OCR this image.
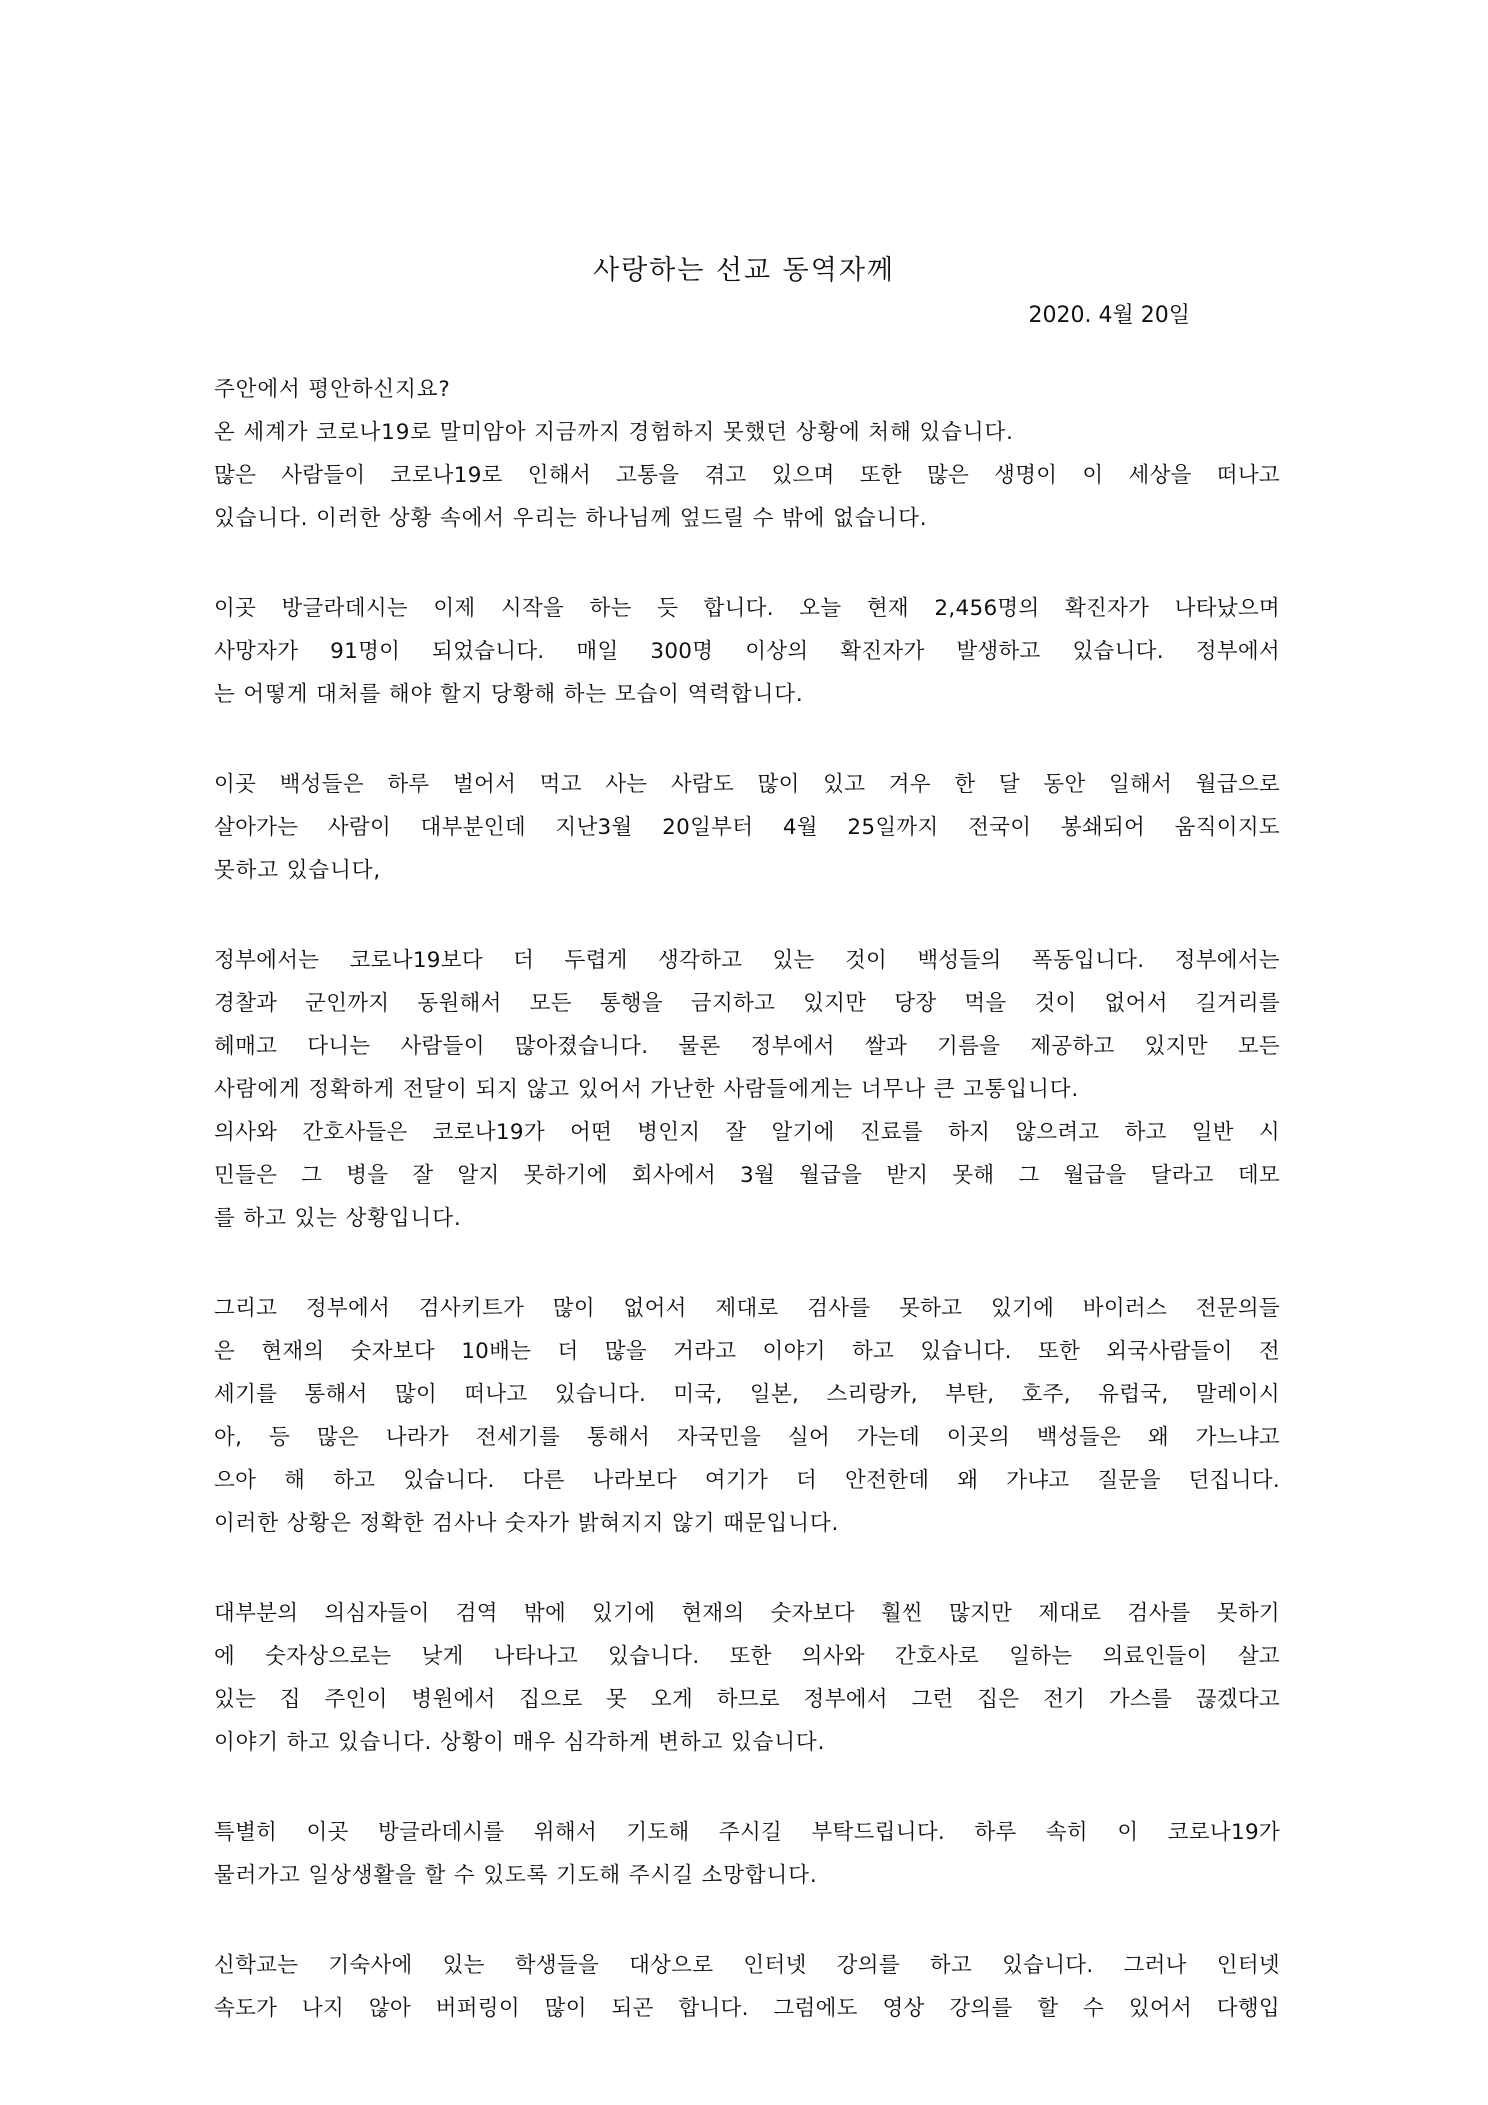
사랑하는 선교 동역자께
2020. 4월 20일
주안에서 평안하신지요?
온 세계가 코로나19로 말미암아 지금까지 경험하지 못했던 상황에 처해 있습니다.
많은 사람들이 코로나19로 인해서 고통을 겪고 있으며 또한 많은 생명이 이 세상을 떠나고
있습니다. 이러한 상황 속에서 우리는 하나님께 엎드릴 수 밖에 없습니다.
이곳 방글라데시는 이제 시작을 하는 듯 합니다. 오늘 현재 2,456명의 확진자가 나타났으며
사망자가 91명이 되었습니다. 매일 300명 이상의 확진자가 발생하고 있습니다. 정부에서
는 어떻게 대처를 해야 할지 당황해 하는 모습이 역력합니다.
이곳 백성들은 하루 벌어서 먹고 사는 사람도 많이 있고 겨우 한 달 동안 일해서 월급으로
살아가는 사람이 대부분인데 지난3월 20일부터 4월 25일까지 전국이 봉쇄되어 움직이지도
못하고 있습니다,
정부에서는 코로나19보다 더 두렵게 생각하고 있는 것이 백성들의 폭동입니다. 정부에서는
경찰과 군인까지 동원해서 모든 통행을 금지하고 있지만 당장 먹을 것이 없어서 길거리를
헤매고 다니는 사람들이 많아졌습니다. 물론 정부에서 쌀과 기름을 제공하고 있지만 모든
사람에게 정확하게 전달이 되지 않고 있어서 가난한 사람들에게는 너무나 큰 고통입니다.
의사와 간호사들은 코로나19가 어떤 병인지 잘 알기에 진료를 하지 않으려고 하고 일반 시
민들은 그 병을 잘 알지 못하기에 회사에서 3월 월급을 받지 못해 그 월급을 달라고 데모
를 하고 있는 상황입니다.
그리고 정부에서 검사키트가 많이 없어서 제대로 검사를 못하고 있기에 바이러스 전문의들
은 현재의 숫자보다 10배는 더 많을 거라고 이야기 하고 있습니다. 또한 외국사람들이 전
세기를 통해서 많이 떠나고 있습니다. 미국, 일본, 스리랑카, 부탄, 호주, 유럽국, 말레이시
아, 등 많은 나라가 전세기를 통해서 자국민을 실어 가는데 이곳의 백성들은 왜 가느냐고
으아 해 하고 있습니다. 다른 나라보다 여기가 더 안전한데 왜 가냐고 질문을 던집니다.
이러한 상황은 정확한 검사나 숫자가 밝혀지지 않기 때문입니다.
대부분의 의심자들이 검역 밖에 있기에 현재의 숫자보다 훨씬 많지만 제대로 검사를 못하기
에 숫자상으로는 낮게 나타나고 있습니다. 또한 의사와 간호사로 일하는 의료인들이 살고
있는 집 주인이 병원에서 집으로 못 오게 하므로 정부에서 그런 집은 전기 가스를 끊겠다고
이야기 하고 있습니다. 상황이 매우 심각하게 변하고 있습니다.
특별히 이곳 방글라데시를 위해서 기도해 주시길 부탁드립니다. 하루 속히 이 코로나19가
물러가고 일상생활을 할 수 있도록 기도해 주시길 소망합니다.
신학교는 기숙사에 있는 학생들을 대상으로 인터넷 강의를 하고 있습니다. 그러나 인터넷
속도가 나지 않아 버퍼링이 많이 되곤 합니다. 그럼에도 영상 강의를 할 수 있어서 다행입
